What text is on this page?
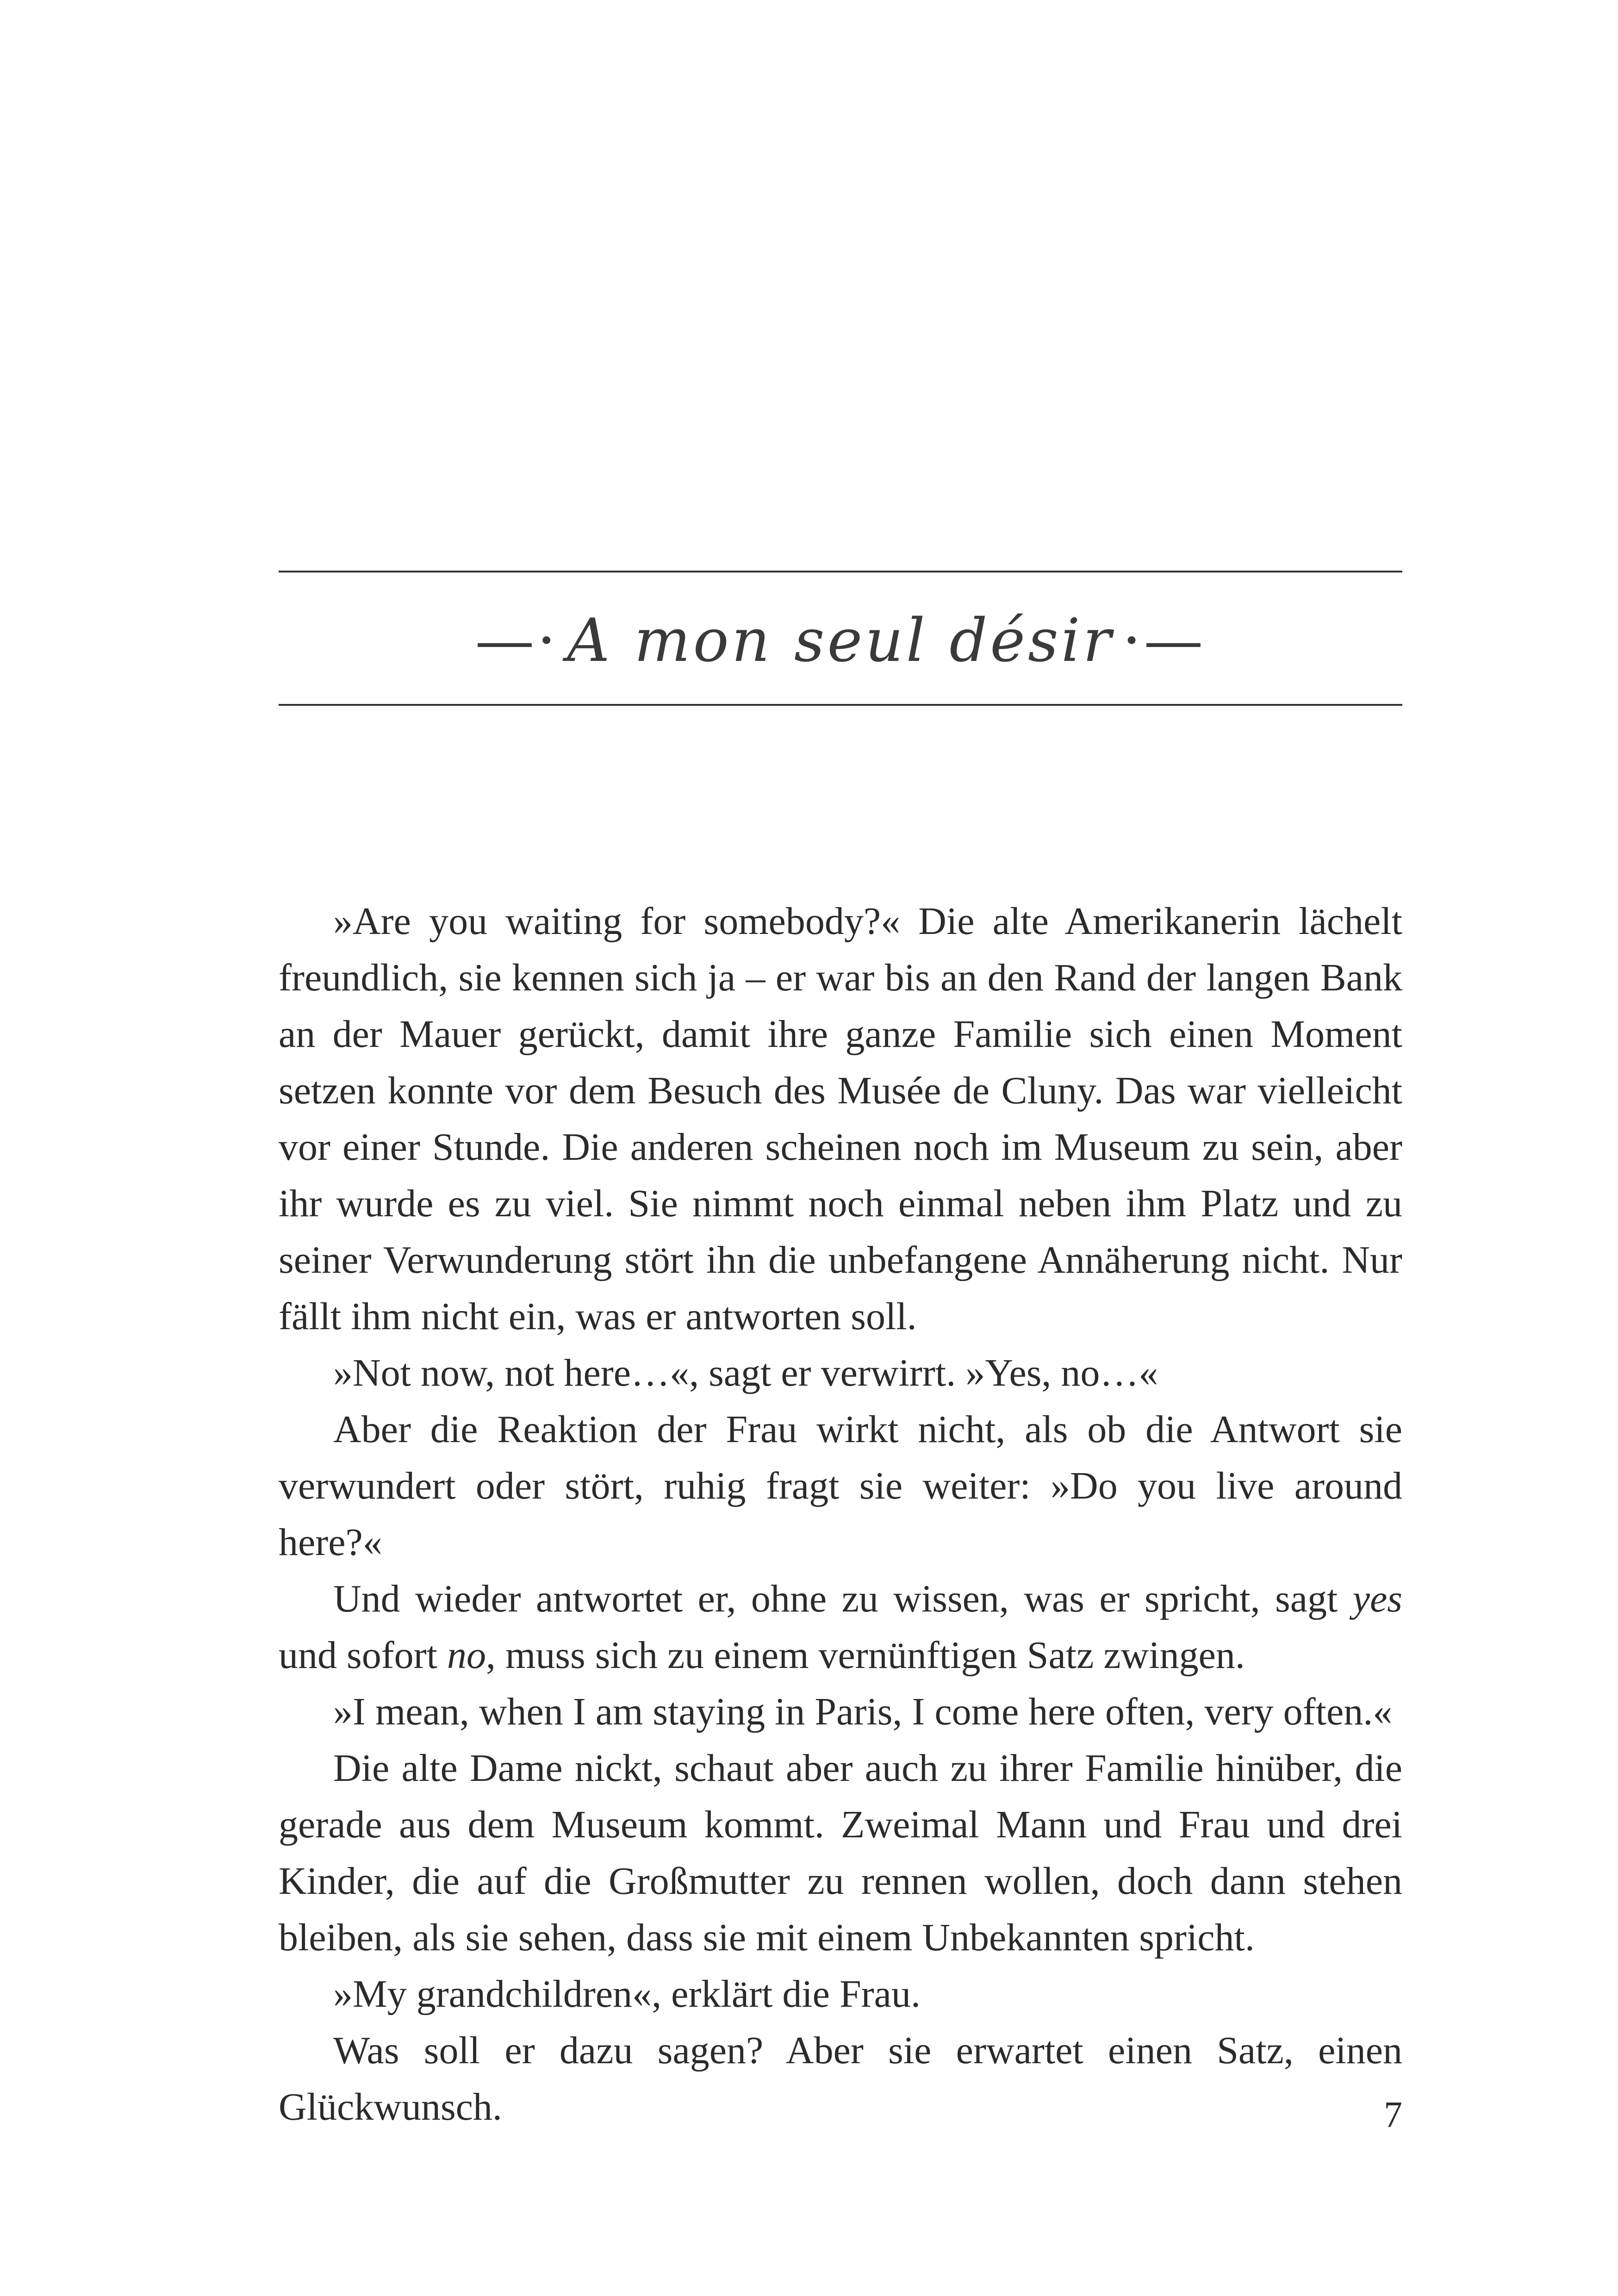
—· A mon seul désir ·—

»Are you waiting for somebody?« Die alte Amerikanerin lächelt freundlich, sie kennen sich ja – er war bis an den Rand der langen Bank an der Mauer gerückt, damit ihre ganze Familie sich einen Moment setzen konnte vor dem Besuch des Musée de Cluny. Das war vielleicht vor einer Stunde. Die anderen scheinen noch im Museum zu sein, aber ihr wurde es zu viel. Sie nimmt noch einmal neben ihm Platz und zu seiner Verwunderung stört ihn die unbefangene Annäherung nicht. Nur fällt ihm nicht ein, was er antworten soll.

»Not now, not here…«, sagt er verwirrt. »Yes, no…«

Aber die Reaktion der Frau wirkt nicht, als ob die Antwort sie verwundert oder stört, ruhig fragt sie weiter: »Do you live around here?«

Und wieder antwortet er, ohne zu wissen, was er spricht, sagt yes und sofort no, muss sich zu einem vernünftigen Satz zwingen.

»I mean, when I am staying in Paris, I come here often, very often.«

Die alte Dame nickt, schaut aber auch zu ihrer Familie hinüber, die gerade aus dem Museum kommt. Zweimal Mann und Frau und drei Kinder, die auf die Großmutter zu rennen wollen, doch dann stehen bleiben, als sie sehen, dass sie mit einem Unbekannten spricht.

»My grandchildren«, erklärt die Frau.

Was soll er dazu sagen? Aber sie erwartet einen Satz, einen Glückwunsch.	7
